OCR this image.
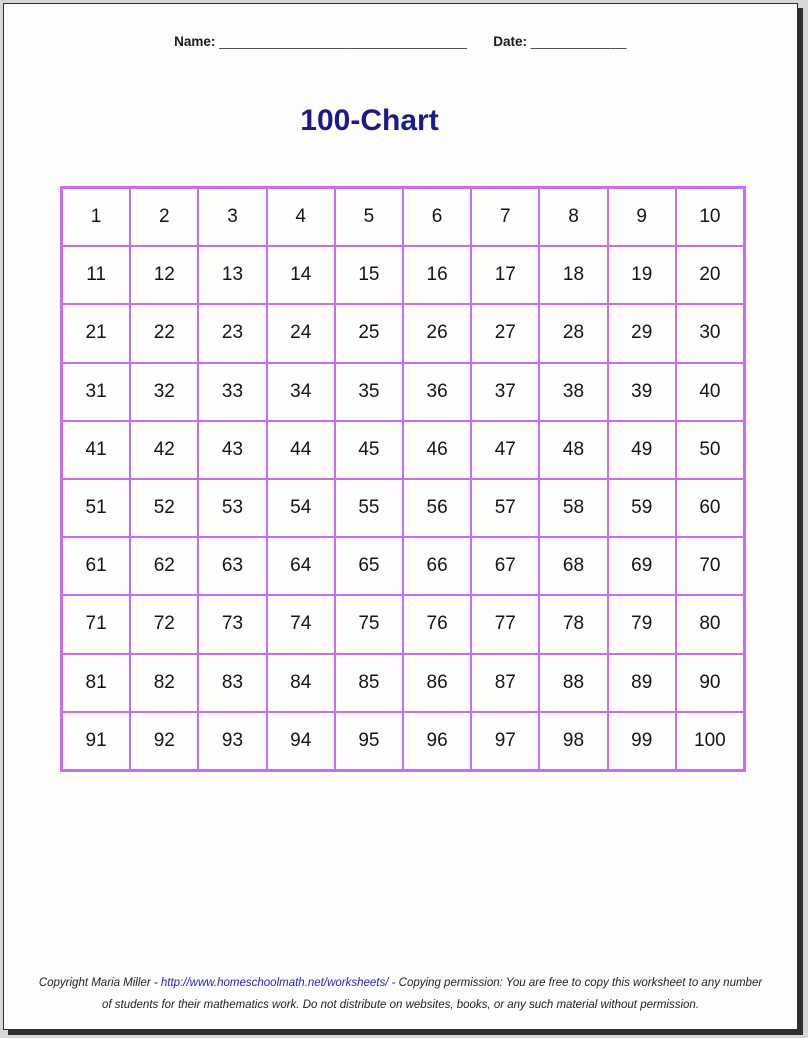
Name: _______________________________ Date: ____________
100-Chart
1	2	3	4	5	6	7	8	9	10
11	12	13	14	15	16	17	18	19	20
21	22	23	24	25	26	27	28	29	30
31	32	33	34	35	36	37	38	39	40
41	42	43	44	45	46	47	48	49	50
51	52	53	54	55	56	57	58	59	60
61	62	63	64	65	66	67	68	69	70
71	72	73	74	75	76	77	78	79	80
81	82	83	84	85	86	87	88	89	90
91	92	93	94	95	96	97	98	99	100
Copyright Maria Miller - http://www.homeschoolmath.net/worksheets/ - Copying permission: You are free to copy this worksheet to any number of students for their mathematics work. Do not distribute on websites, books, or any such material without permission.
